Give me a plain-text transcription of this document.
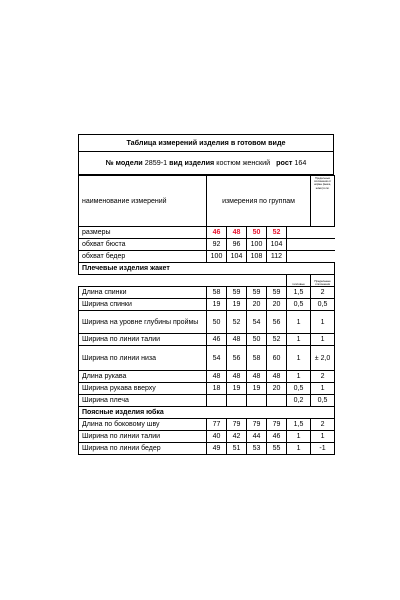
Таблица измерений изделия в готовом виде
№ модели 2859-1 вид изделия костюм женский рост 164
наименование измерений	измерения по группам					Предельные отклонения от нормы (выше, ниже) в см.
размеры	46	48	50	52		
обхват бюста	92	96	100	104		
обхват бедер	100	104	108	112		
Плечевые изделия жакет						
					тепловые	Предельные отклонения
Длина спинки	58	59	59	59	1,5	2
Ширина спинки	19	19	20	20	0,5	0,5
Ширина на уровне глубины проймы	50	52	54	56	1	1
Ширина по линии талии	46	48	50	52	1	1
Ширина по линии низа	54	56	58	60	1	± 2,0
Длина рукава	48	48	48	48	1	2
Ширина рукава вверху	18	19	19	20	0,5	1
Ширина плеча					0,2	0,5
Поясные изделия юбка						
Длина по боковому шву	77	79	79	79	1,5	2
Ширина по линии талии	40	42	44	46	1	1
Ширина по линии бедер	49	51	53	55	1	-1
